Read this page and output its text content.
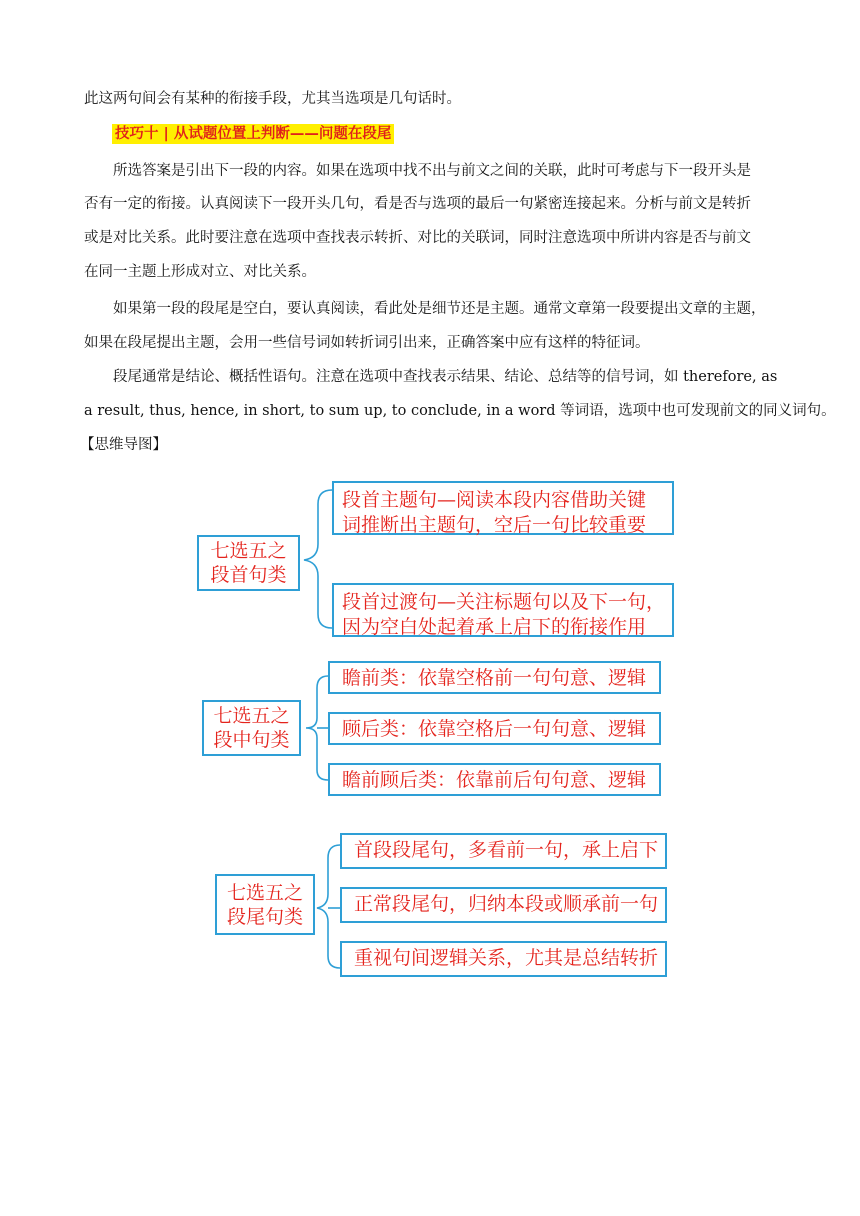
此这两句间会有某种的衔接手段，尤其当选项是几句话时。
技巧十 | 从试题位置上判断——问题在段尾
　　所选答案是引出下一段的内容。如果在选项中找不出与前文之间的关联，此时可考虑与下一段开头是
否有一定的衔接。认真阅读下一段开头几句，看是否与选项的最后一句紧密连接起来。分析与前文是转折
或是对比关系。此时要注意在选项中查找表示转折、对比的关联词，同时注意选项中所讲内容是否与前文
在同一主题上形成对立、对比关系。
　　如果第一段的段尾是空白，要认真阅读，看此处是细节还是主题。通常文章第一段要提出文章的主题，
如果在段尾提出主题，会用一些信号词如转折词引出来，正确答案中应有这样的特征词。
　　段尾通常是结论、概括性语句。注意在选项中查找表示结果、结论、总结等的信号词，如 therefore, as
a result, thus, hence, in short, to sum up, to conclude, in a word 等词语，选项中也可发现前文的同义词句。
【思维导图】
七选五之
段首句类
段首主题句—阅读本段内容借助关键
词推断出主题句，空后一句比较重要
段首过渡句—关注标题句以及下一句，
因为空白处起着承上启下的衔接作用
七选五之
段中句类
瞻前类：依靠空格前一句句意、逻辑
顾后类：依靠空格后一句句意、逻辑
瞻前顾后类：依靠前后句句意、逻辑
七选五之
段尾句类
首段段尾句，多看前一句，承上启下
正常段尾句，归纳本段或顺承前一句
重视句间逻辑关系，尤其是总结转折
